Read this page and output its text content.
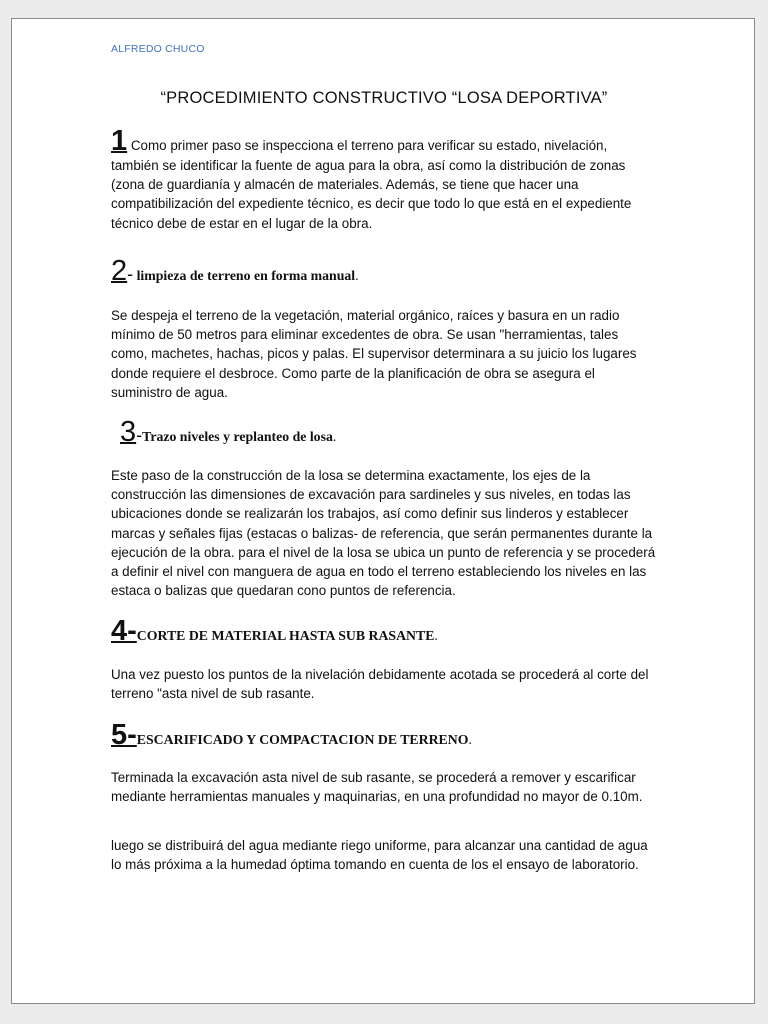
ALFREDO CHUCO
“PROCEDIMIENTO CONSTRUCTIVO “LOSA DEPORTIVA”

1 Como primer paso se inspecciona el terreno para verificar su estado, nivelación, también se identificar la fuente de agua para la obra, así como la distribución de zonas (zona de guardianía y almacén de materiales. Además, se tiene que hacer una compatibilización del expediente técnico, es decir que todo lo que está en el expediente técnico debe de estar en el lugar de la obra.

2- limpieza de terreno en forma manual.

Se despeja el terreno de la vegetación, material orgánico, raíces y basura en un radio mínimo de 50 metros para eliminar excedentes de obra. Se usan "herramientas, tales como, machetes, hachas, picos y palas. El supervisor determinara a su juicio los lugares donde requiere el desbroce. Como parte de la planificación de obra se asegura el suministro de agua.

3-Trazo niveles y replanteo de losa.

Este paso de la construcción de la losa se determina exactamente, los ejes de la construcción las dimensiones de excavación para sardineles y sus niveles, en todas las ubicaciones donde se realizarán los trabajos, así como definir sus linderos y establecer marcas y señales fijas (estacas o balizas- de referencia, que serán permanentes durante la ejecución de la obra. para el nivel de la losa se ubica un punto de referencia y se procederá a definir el nivel con manguera de agua en todo el terreno estableciendo los niveles en las estaca o balizas que quedaran cono puntos de referencia.

4-CORTE DE MATERIAL HASTA SUB RASANTE.

Una vez puesto los puntos de la nivelación debidamente acotada se procederá al corte del terreno "asta nivel de sub rasante.

5-ESCARIFICADO Y COMPACTACION DE TERRENO.

Terminada la excavación asta nivel de sub rasante, se procederá a remover y escarificar mediante herramientas manuales y maquinarias, en una profundidad no mayor de 0.10m.

luego se distribuirá del agua mediante riego uniforme, para alcanzar una cantidad de agua lo más próxima a la humedad óptima tomando en cuenta de los el ensayo de laboratorio.
